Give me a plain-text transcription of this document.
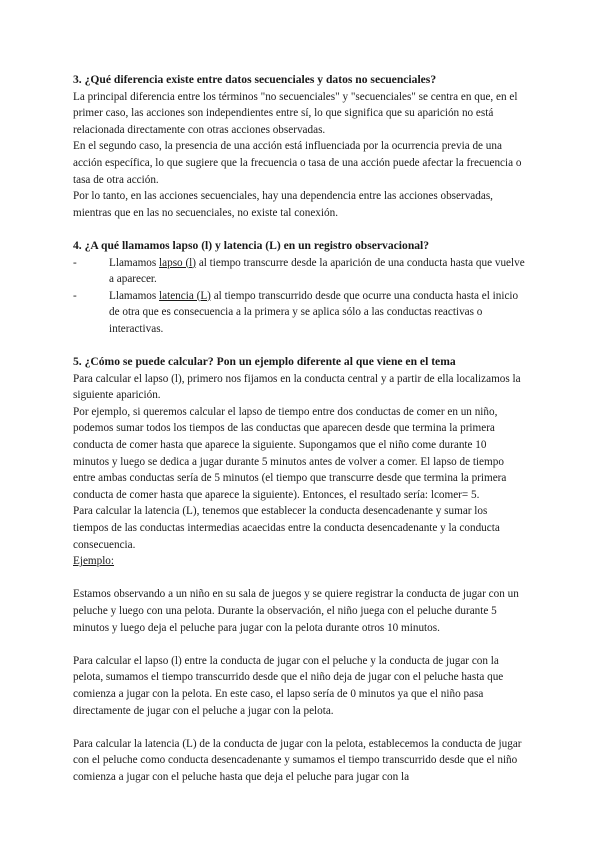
3. ¿Qué diferencia existe entre datos secuenciales y datos no secuenciales?

La principal diferencia entre los términos "no secuenciales" y "secuenciales" se centra en que, en el primer caso, las acciones son independientes entre sí, lo que significa que su aparición no está relacionada directamente con otras acciones observadas.

En el segundo caso, la presencia de una acción está influenciada por la ocurrencia previa de una acción específica, lo que sugiere que la frecuencia o tasa de una acción puede afectar la frecuencia o tasa de otra acción.

Por lo tanto, en las acciones secuenciales, hay una dependencia entre las acciones observadas, mientras que en las no secuenciales, no existe tal conexión.

4. ¿A qué llamamos lapso (l) y latencia (L) en un registro observacional?
-	Llamamos lapso (l) al tiempo transcurre desde la aparición de una conducta hasta que vuelve a aparecer.
-	Llamamos latencia (L) al tiempo transcurrido desde que ocurre una conducta hasta el inicio de otra que es consecuencia a la primera y se aplica sólo a las conductas reactivas o interactivas.
5. ¿Cómo se puede calcular? Pon un ejemplo diferente al que viene en el tema

Para calcular el lapso (l), primero nos fijamos en la conducta central y a partir de ella localizamos la siguiente aparición.

Por ejemplo, si queremos calcular el lapso de tiempo entre dos conductas de comer en un niño, podemos sumar todos los tiempos de las conductas que aparecen desde que termina la primera conducta de comer hasta que aparece la siguiente. Supongamos que el niño come durante 10 minutos y luego se dedica a jugar durante 5 minutos antes de volver a comer. El lapso de tiempo entre ambas conductas sería de 5 minutos (el tiempo que transcurre desde que termina la primera conducta de comer hasta que aparece la siguiente). Entonces, el resultado sería: lcomer= 5.

Para calcular la latencia (L), tenemos que establecer la conducta desencadenante y sumar los tiempos de las conductas intermedias acaecidas entre la conducta desencadenante y la conducta consecuencia.

Ejemplo:

Estamos observando a un niño en su sala de juegos y se quiere registrar la conducta de jugar con un peluche y luego con una pelota. Durante la observación, el niño juega con el peluche durante 5 minutos y luego deja el peluche para jugar con la pelota durante otros 10 minutos.

Para calcular el lapso (l) entre la conducta de jugar con el peluche y la conducta de jugar con la pelota, sumamos el tiempo transcurrido desde que el niño deja de jugar con el peluche hasta que comienza a jugar con la pelota. En este caso, el lapso sería de 0 minutos ya que el niño pasa directamente de jugar con el peluche a jugar con la pelota.

Para calcular la latencia (L) de la conducta de jugar con la pelota, establecemos la conducta de jugar con el peluche como conducta desencadenante y sumamos el tiempo transcurrido desde que el niño comienza a jugar con el peluche hasta que deja el peluche para jugar con la
